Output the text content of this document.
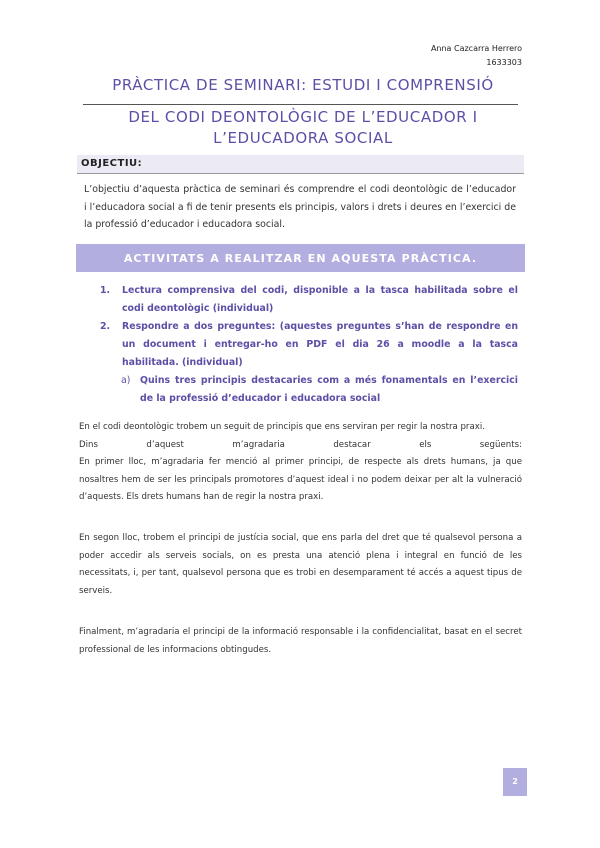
Anna Cazcarra Herrero
1633303
PRÀCTICA DE SEMINARI: ESTUDI I COMPRENSIÓ
DEL CODI DEONTOLÒGIC DE L’EDUCADOR I
L’EDUCADORA SOCIAL
OBJECTIU:
L’objectiu d’aquesta pràctica de seminari és comprendre el codi deontològic de l’educador i l’educadora social a fi de tenir presents els principis, valors i drets i deures en l’exercici de la professió d’educador i educadora social.
ACTIVITATS A REALITZAR EN AQUESTA PRÀCTICA.
1. Lectura comprensiva del codi, disponible a la tasca habilitada sobre el codi deontològic (individual)
2. Respondre a dos preguntes: (aquestes preguntes s’han de respondre en un document i entregar-ho en PDF el dia 26 a moodle a la tasca habilitada. (individual)
a) Quins tres principis destacaries com a més fonamentals en l’exercici de la professió d’educador i educadora social
En el codi deontològic trobem un seguit de principis que ens serviran per regir la nostra praxi.
Dins	d’aquest	m’agradaria	destacar	els	següents:
En primer lloc, m’agradaria fer menció al primer principi, de respecte als drets humans, ja que nosaltres hem de ser les principals promotores d’aquest ideal i no podem deixar per alt la vulneració d’aquests. Els drets humans han de regir la nostra praxi.
En segon lloc, trobem el principi de justícia social, que ens parla del dret que té qualsevol persona a poder accedir als serveis socials, on es presta una atenció plena i integral en funció de les necessitats, i, per tant, qualsevol persona que es trobi en desemparament té accés a aquest tipus de serveis.
Finalment, m’agradaria el principi de la informació responsable i la confidencialitat, basat en el secret professional de les informacions obtingudes.
2
